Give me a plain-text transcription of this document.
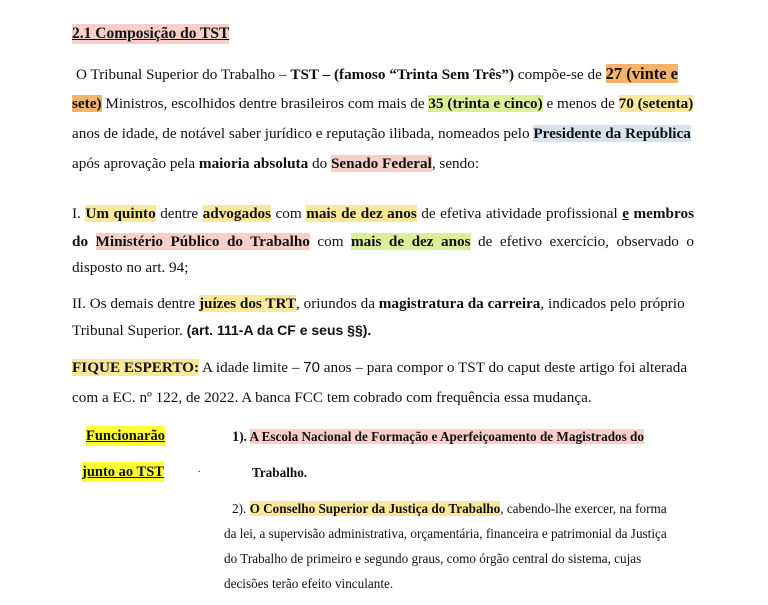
2.1 Composição do TST
O Tribunal Superior do Trabalho – TST – (famoso “Trinta Sem Três”) compõe-se de 27 (vinte e
sete) Ministros, escolhidos dentre brasileiros com mais de 35 (trinta e cinco) e menos de 70 (setenta)
anos de idade, de notável saber jurídico e reputação ilibada, nomeados pelo Presidente da República
após aprovação pela maioria absoluta do Senado Federal, sendo:
I. Um quinto dentre advogados com mais de dez anos de efetiva atividade profissional e membros
do Ministério Público do Trabalho com mais de dez anos de efetivo exercício, observado o
disposto no art. 94;
II. Os demais dentre juízes dos TRT, oriundos da magistratura da carreira, indicados pelo próprio
Tribunal Superior. (art. 111-A da CF e seus §§).
FIQUE ESPERTO: A idade limite – 70 anos – para compor o TST do caput deste artigo foi alterada
com a EC. nº 122, de 2022. A banca FCC tem cobrado com frequência essa mudança.
Funcionarão
junto ao TST	.
1). A Escola Nacional de Formação e Aperfeiçoamento de Magistrados do
Trabalho.
2). O Conselho Superior da Justiça do Trabalho, cabendo-lhe exercer, na forma
da lei, a supervisão administrativa, orçamentária, financeira e patrimonial da Justiça
do Trabalho de primeiro e segundo graus, como órgão central do sistema, cujas
decisões terão efeito vinculante.
